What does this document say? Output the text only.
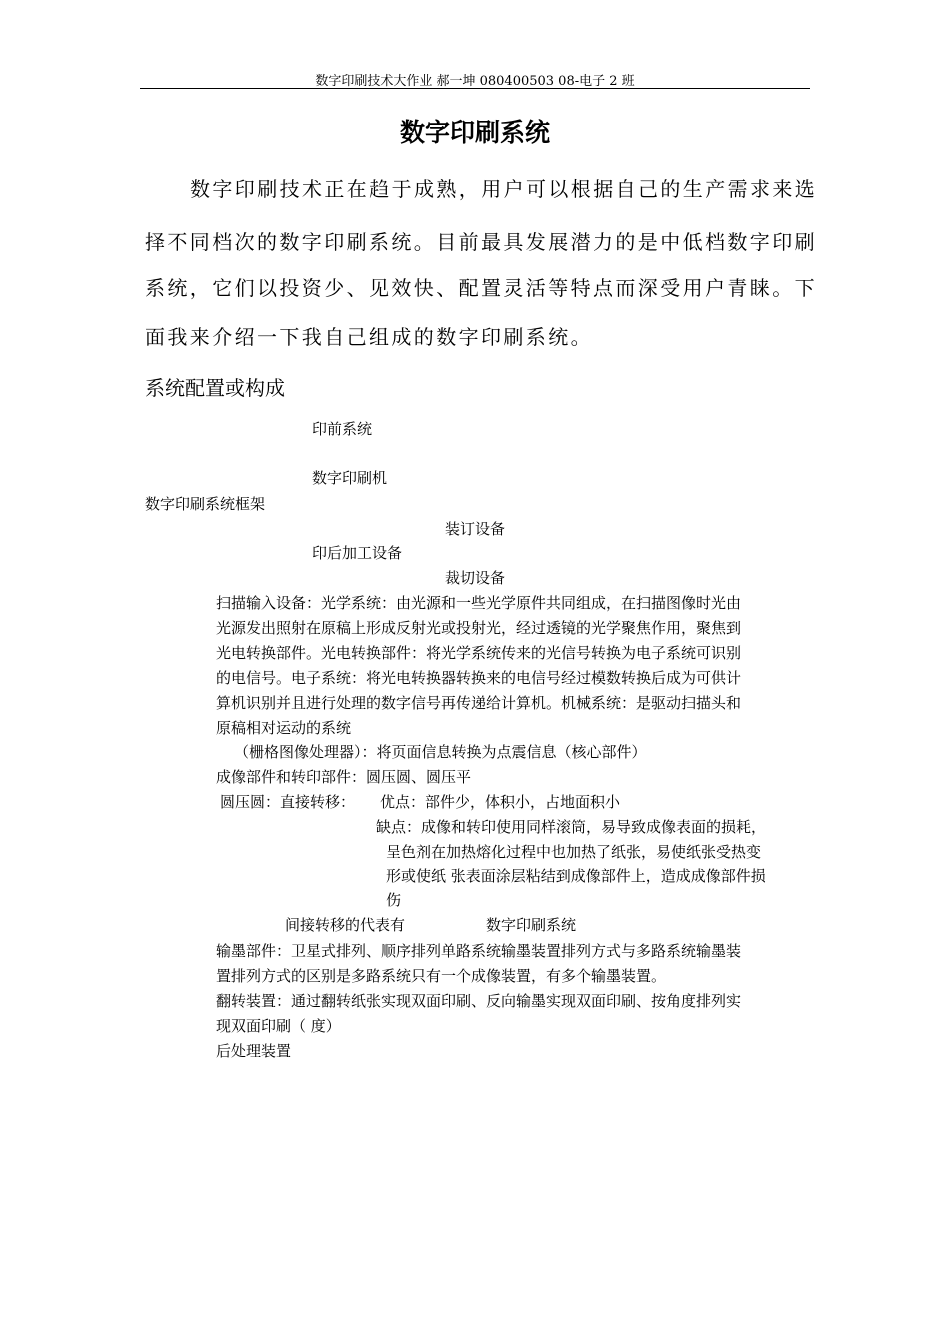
数字印刷技术大作业 郝一坤 080400503 08-电子 2 班
数字印刷系统
数字印刷技术正在趋于成熟，用户可以根据自己的生产需求来选
择不同档次的数字印刷系统。目前最具发展潜力的是中低档数字印刷
系统，它们以投资少、见效快、配置灵活等特点而深受用户青睐。下
面我来介绍一下我自己组成的数字印刷系统。
系统配置或构成
印前系统
数字印刷机
数字印刷系统框架
装订设备
印后加工设备
裁切设备
扫描输入设备：光学系统：由光源和一些光学原件共同组成，在扫描图像时光由
光源发出照射在原稿上形成反射光或投射光，经过透镜的光学聚焦作用，聚焦到
光电转换部件。光电转换部件：将光学系统传来的光信号转换为电子系统可识别
的电信号。电子系统：将光电转换器转换来的电信号经过模数转换后成为可供计
算机识别并且进行处理的数字信号再传递给计算机。机械系统：是驱动扫描头和
原稿相对运动的系统
（栅格图像处理器）：将页面信息转换为点震信息（核心部件）
成像部件和转印部件：圆压圆、圆压平
圆压圆：直接转移： 优点：部件少，体积小，占地面积小
缺点：成像和转印使用同样滚筒，易导致成像表面的损耗，
呈色剂在加热熔化过程中也加热了纸张，易使纸张受热变
形或使纸 张表面涂层粘结到成像部件上，造成成像部件损
伤
间接转移的代表有	数字印刷系统
输墨部件：卫星式排列、顺序排列单路系统输墨装置排列方式与多路系统输墨装
置排列方式的区别是多路系统只有一个成像装置，有多个输墨装置。
翻转装置：通过翻转纸张实现双面印刷、反向输墨实现双面印刷、按角度排列实
现双面印刷（ 度）
后处理装置
